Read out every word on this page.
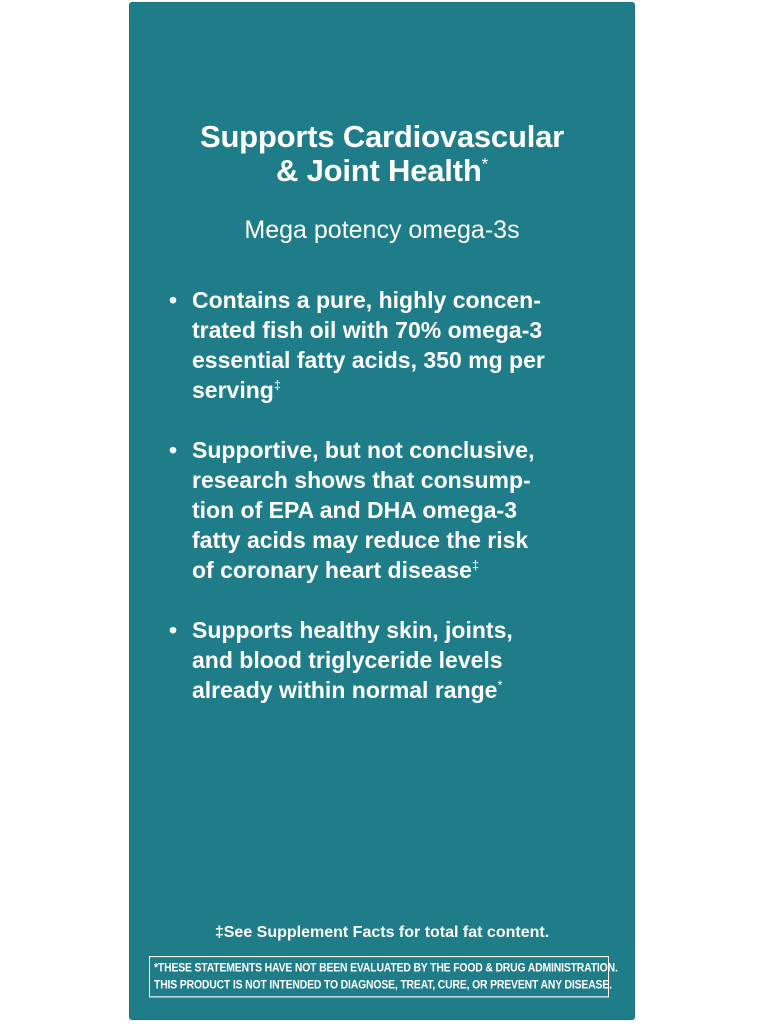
Supports Cardiovascular
& Joint Health*
Mega potency omega-3s
• Contains a pure, highly concen-
trated fish oil with 70% omega-3
essential fatty acids, 350 mg per
serving‡
• Supportive, but not conclusive,
research shows that consump-
tion of EPA and DHA omega-3
fatty acids may reduce the risk
of coronary heart disease‡
• Supports healthy skin, joints,
and blood triglyceride levels
already within normal range*
‡See Supplement Facts for total fat content.
*THESE STATEMENTS HAVE NOT BEEN EVALUATED BY THE FOOD & DRUG ADMINISTRATION.
THIS PRODUCT IS NOT INTENDED TO DIAGNOSE, TREAT, CURE, OR PREVENT ANY DISEASE.
